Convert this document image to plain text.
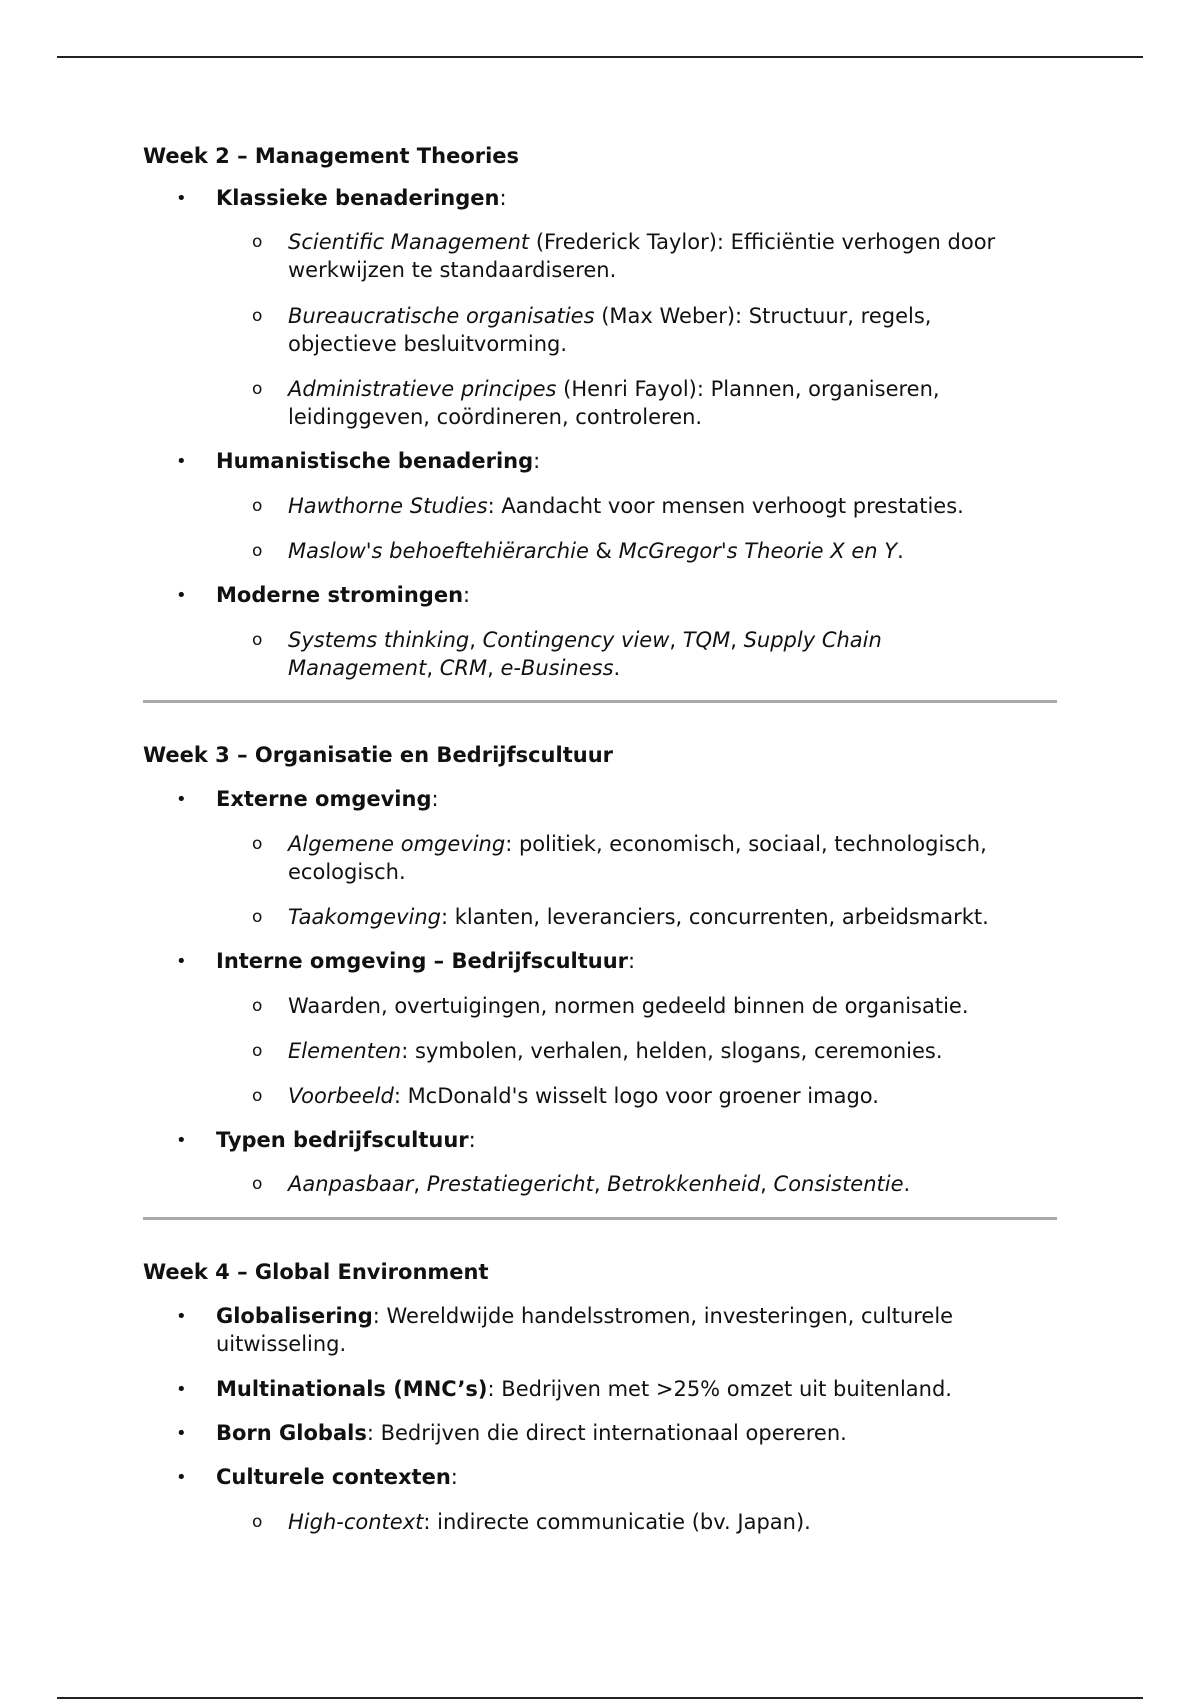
Week 2 – Management Theories
• Klassieke benaderingen:
o Scientific Management (Frederick Taylor): Efficiëntie verhogen door
werkwijzen te standaardiseren.
o Bureaucratische organisaties (Max Weber): Structuur, regels,
objectieve besluitvorming.
o Administratieve principes (Henri Fayol): Plannen, organiseren,
leidinggeven, coördineren, controleren.
• Humanistische benadering:
o Hawthorne Studies: Aandacht voor mensen verhoogt prestaties.
o Maslow's behoeftehiërarchie & McGregor's Theorie X en Y.
• Moderne stromingen:
o Systems thinking, Contingency view, TQM, Supply Chain
Management, CRM, e-Business.
Week 3 – Organisatie en Bedrijfscultuur
• Externe omgeving:
o Algemene omgeving: politiek, economisch, sociaal, technologisch,
ecologisch.
o Taakomgeving: klanten, leveranciers, concurrenten, arbeidsmarkt.
• Interne omgeving – Bedrijfscultuur:
o Waarden, overtuigingen, normen gedeeld binnen de organisatie.
o Elementen: symbolen, verhalen, helden, slogans, ceremonies.
o Voorbeeld: McDonald's wisselt logo voor groener imago.
• Typen bedrijfscultuur:
o Aanpasbaar, Prestatiegericht, Betrokkenheid, Consistentie.
Week 4 – Global Environment
• Globalisering: Wereldwijde handelsstromen, investeringen, culturele
uitwisseling.
• Multinationals (MNC’s): Bedrijven met >25% omzet uit buitenland.
• Born Globals: Bedrijven die direct internationaal opereren.
• Culturele contexten:
o High-context: indirecte communicatie (bv. Japan).
